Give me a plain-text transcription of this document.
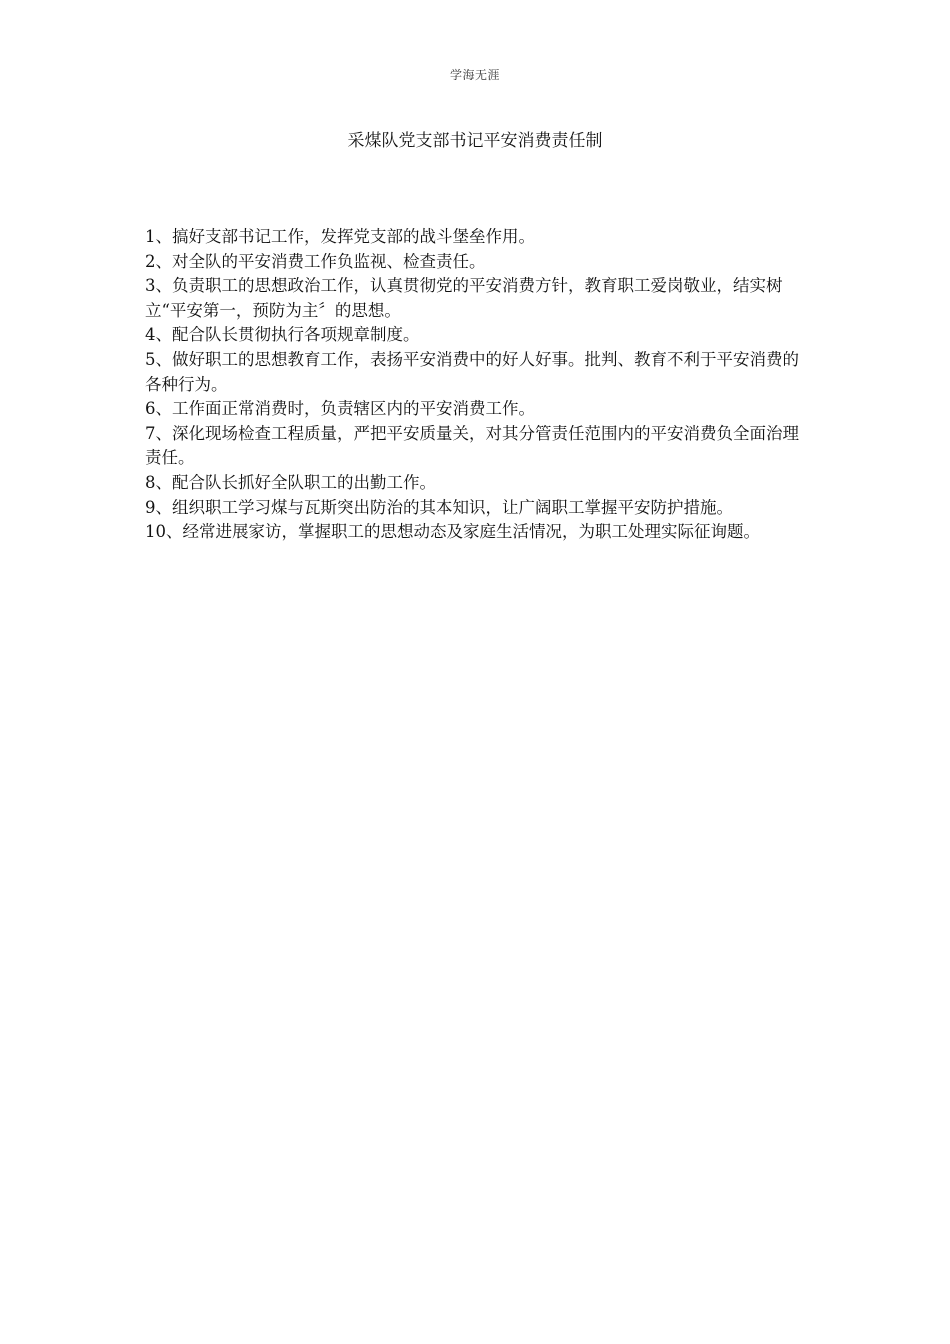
学海无涯
采煤队党支部书记平安消费责任制
1、搞好支部书记工作，发挥党支部的战斗堡垒作用。
2、对全队的平安消费工作负监视、检查责任。
3、负责职工的思想政治工作，认真贯彻党的平安消费方针，教育职工爱岗敬业，结实树立“平安第一，预防为主〞的思想。
4、配合队长贯彻执行各项规章制度。
5、做好职工的思想教育工作，表扬平安消费中的好人好事。批判、教育不利于平安消费的各种行为。
6、工作面正常消费时，负责辖区内的平安消费工作。
7、深化现场检查工程质量，严把平安质量关，对其分管责任范围内的平安消费负全面治理责任。
8、配合队长抓好全队职工的出勤工作。
9、组织职工学习煤与瓦斯突出防治的其本知识，让广阔职工掌握平安防护措施。
10、经常进展家访，掌握职工的思想动态及家庭生活情况，为职工处理实际征询题。
